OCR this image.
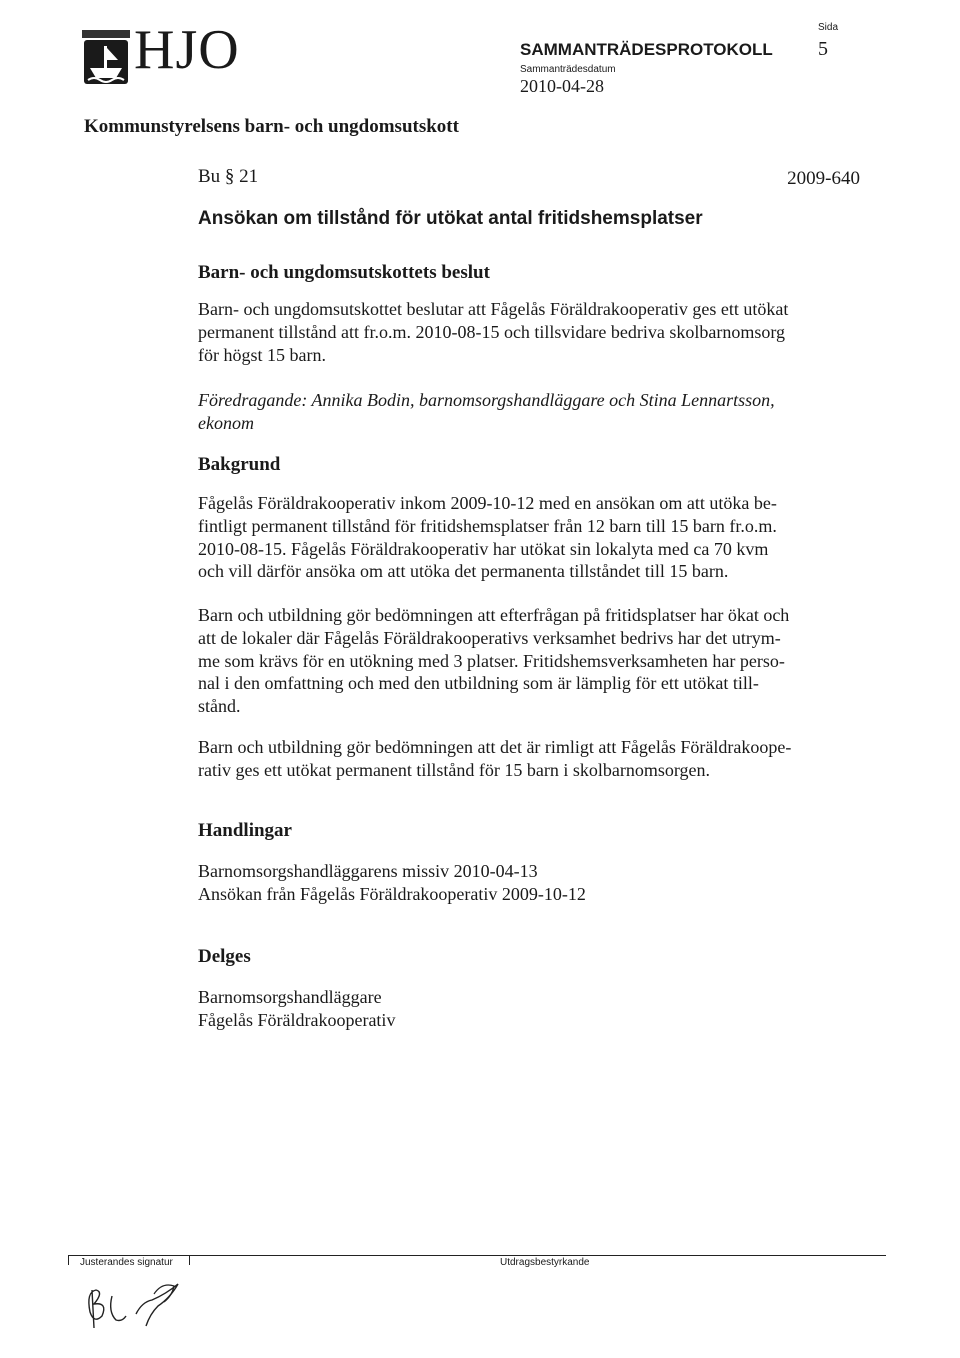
HJO	SAMMANTRÄDESPROTOKOLL
Sammanträdesdatum
2010-04-28
Sida
5
Kommunstyrelsens barn- och ungdomsutskott
Bu § 21	2009-640
Ansökan om tillstånd för utökat antal fritidshemsplatser
Barn- och ungdomsutskottets beslut

Barn- och ungdomsutskottet beslutar att Fågelås Föräldrakooperativ ges ett utökat

permanent tillstånd att fr.o.m. 2010-08-15 och tillsvidare bedriva skolbarnomsorg

för högst 15 barn.

Föredragande: Annika Bodin, barnomsorgshandläggare och Stina Lennartsson,

ekonom

Bakgrund

Fågelås Föräldrakooperativ inkom 2009-10-12 med en ansökan om att utöka be-

fintligt permanent tillstånd för fritidshemsplatser från 12 barn till 15 barn fr.o.m.

2010-08-15. Fågelås Föräldrakooperativ har utökat sin lokalyta med ca 70 kvm

och vill därför ansöka om att utöka det permanenta tillståndet till 15 barn.

Barn och utbildning gör bedömningen att efterfrågan på fritidsplatser har ökat och

att de lokaler där Fågelås Föräldrakooperativs verksamhet bedrivs har det utrym-

me som krävs för en utökning med 3 platser. Fritidshemsverksamheten har perso-

nal i den omfattning och med den utbildning som är lämplig för ett utökat till-

stånd.

Barn och utbildning gör bedömningen att det är rimligt att Fågelås Föräldrakoope-

rativ ges ett utökat permanent tillstånd för 15 barn i skolbarnomsorgen.

Handlingar

Barnomsorgshandläggarens missiv 2010-04-13

Ansökan från Fågelås Föräldrakooperativ 2009-10-12

Delges

Barnomsorgshandläggare

Fågelås Föräldrakooperativ

Justerandes signatur	Utdragsbestyrkande
